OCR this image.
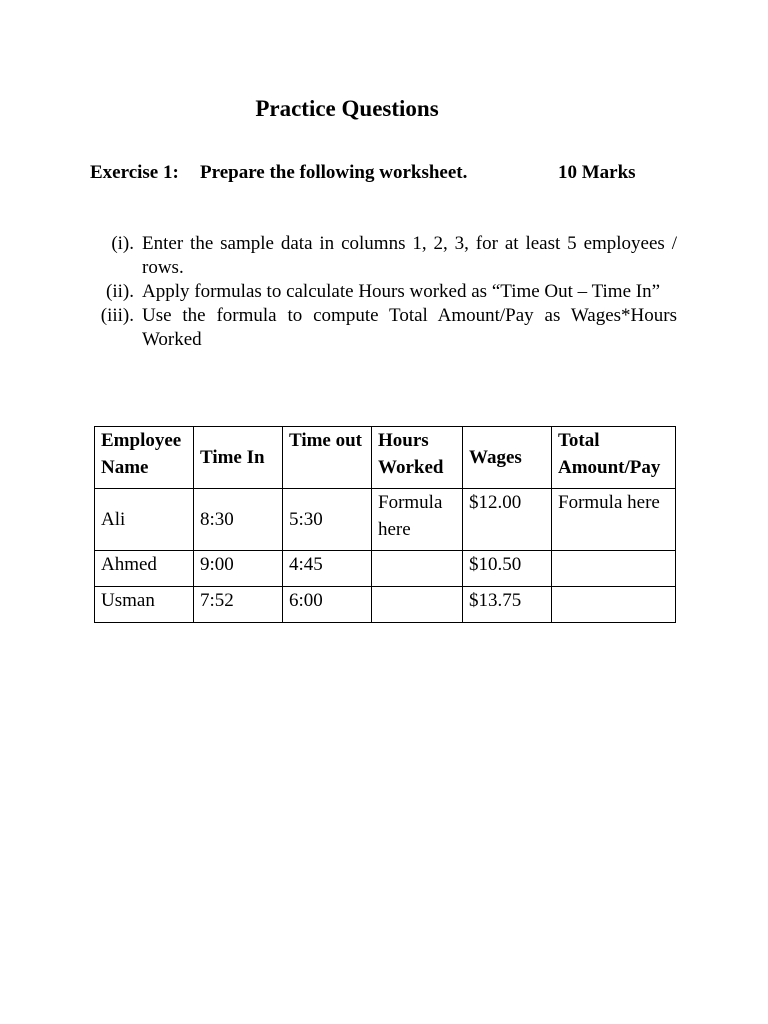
Practice Questions
Exercise 1: Prepare the following worksheet.	10 Marks
(i). Enter the sample data in columns 1, 2, 3, for at least 5 employees / rows.
(ii). Apply formulas to calculate Hours worked as “Time Out – Time In”
(iii). Use the formula to compute Total Amount/Pay as Wages*Hours Worked
Employee Name	Time In	Time out	Hours Worked	Wages	Total Amount/Pay
Ali	8:30	5:30	Formula here	$12.00	Formula here
Ahmed	9:00	4:45		$10.50	
Usman	7:52	6:00		$13.75	
